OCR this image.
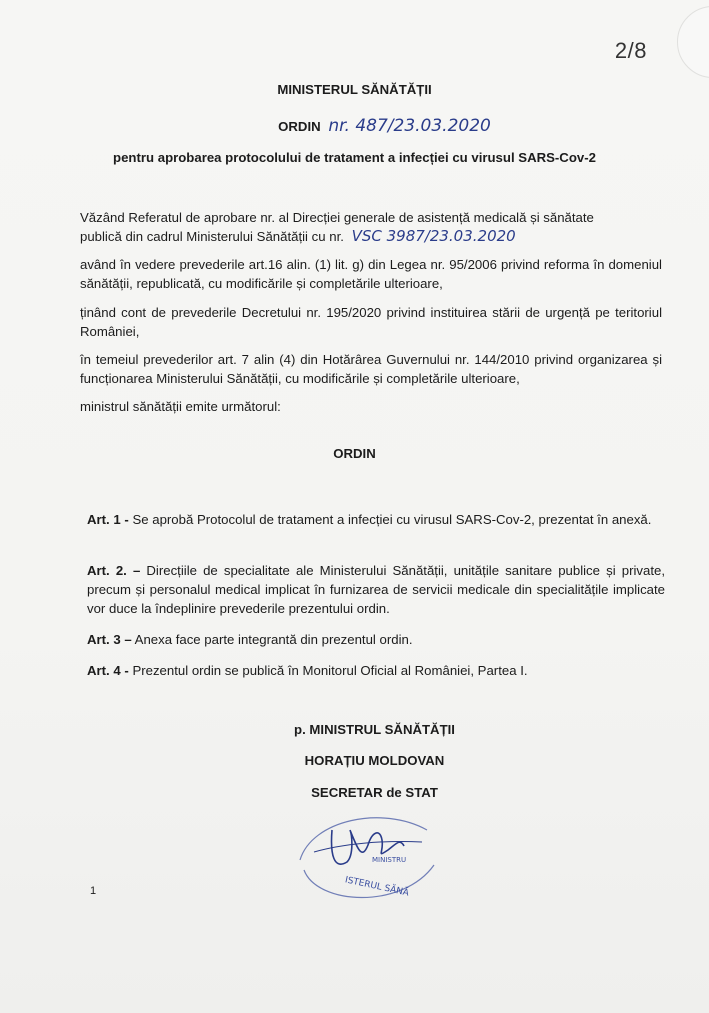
2/8
MINISTERUL SĂNĂTĂȚII
ORDIN nr. 487/23.03.2020
pentru aprobarea protocolului de tratament a infecției cu virusul SARS-Cov-2
Văzând Referatul de aprobare nr. al Direcției generale de asistență medicală și sănătate
publică din cadrul Ministerului Sănătății cu nr. VSC 3987/23.03.2020
având în vedere prevederile art.16 alin. (1) lit. g) din Legea nr. 95/2006 privind reforma în domeniul sănătății, republicată, cu modificările și completările ulterioare,
ținând cont de prevederile Decretului nr. 195/2020 privind instituirea stării de urgență pe teritoriul României,
în temeiul prevederilor art. 7 alin (4) din Hotărârea Guvernului nr. 144/2010 privind organizarea și funcționarea Ministerului Sănătății, cu modificările și completările ulterioare,
ministrul sănătății emite următorul:
ORDIN
Art. 1 - Se aprobă Protocolul de tratament a infecției cu virusul SARS-Cov-2, prezentat în anexă.
Art. 2. – Direcțiile de specialitate ale Ministerului Sănătății, unitățile sanitare publice și private, precum și personalul medical implicat în furnizarea de servicii medicale din specialitățile implicate vor duce la îndeplinire prevederile prezentului ordin.
Art. 3 – Anexa face parte integrantă din prezentul ordin.
Art. 4 - Prezentul ordin se publică în Monitorul Oficial al României, Partea I.
p. MINISTRUL SĂNĂTĂȚII
HORAȚIU MOLDOVAN
SECRETAR de STAT
MINISTRU
ISTERUL SĂNĂ
1
